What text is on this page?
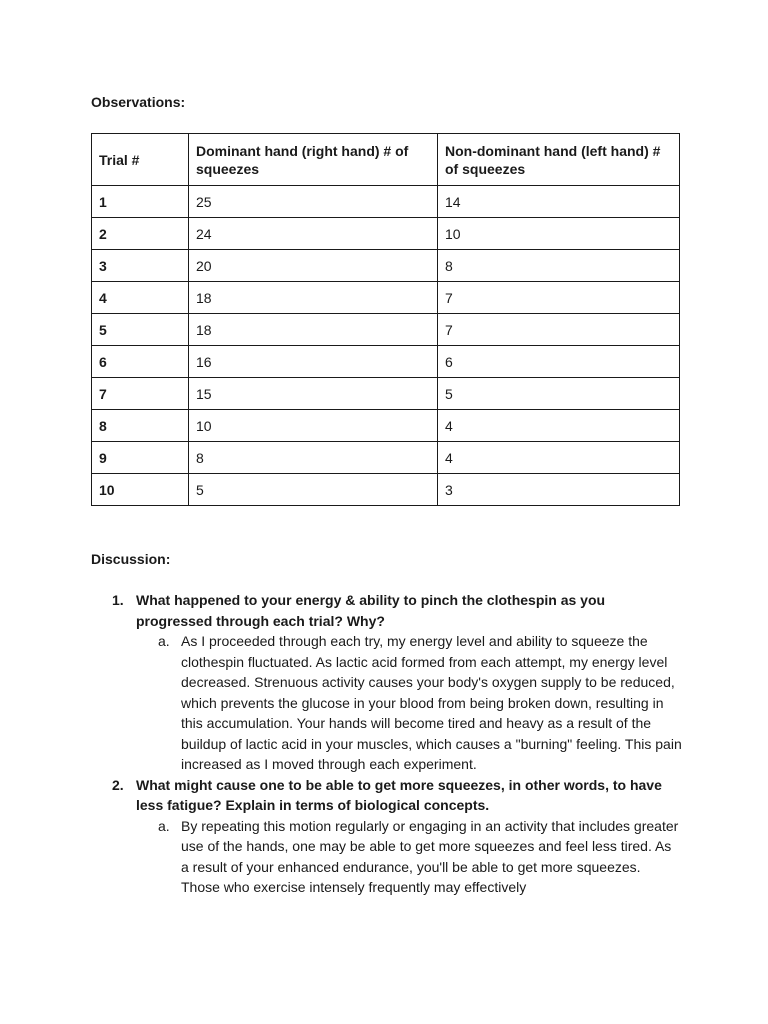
Observations:
Trial #	Dominant hand (right hand) # of squeezes	Non-dominant hand (left hand) # of squeezes
1	25	14
2	24	10
3	20	8
4	18	7
5	18	7
6	16	6
7	15	5
8	10	4
9	8	4
10	5	3
Discussion:
1. What happened to your energy & ability to pinch the clothespin as you progressed through each trial? Why?
a. As I proceeded through each try, my energy level and ability to squeeze the clothespin fluctuated. As lactic acid formed from each attempt, my energy level decreased. Strenuous activity causes your body's oxygen supply to be reduced, which prevents the glucose in your blood from being broken down, resulting in this accumulation. Your hands will become tired and heavy as a result of the buildup of lactic acid in your muscles, which causes a "burning" feeling. This pain increased as I moved through each experiment.
2. What might cause one to be able to get more squeezes, in other words, to have less fatigue? Explain in terms of biological concepts.
a. By repeating this motion regularly or engaging in an activity that includes greater use of the hands, one may be able to get more squeezes and feel less tired. As a result of your enhanced endurance, you'll be able to get more squeezes. Those who exercise intensely frequently may effectively
